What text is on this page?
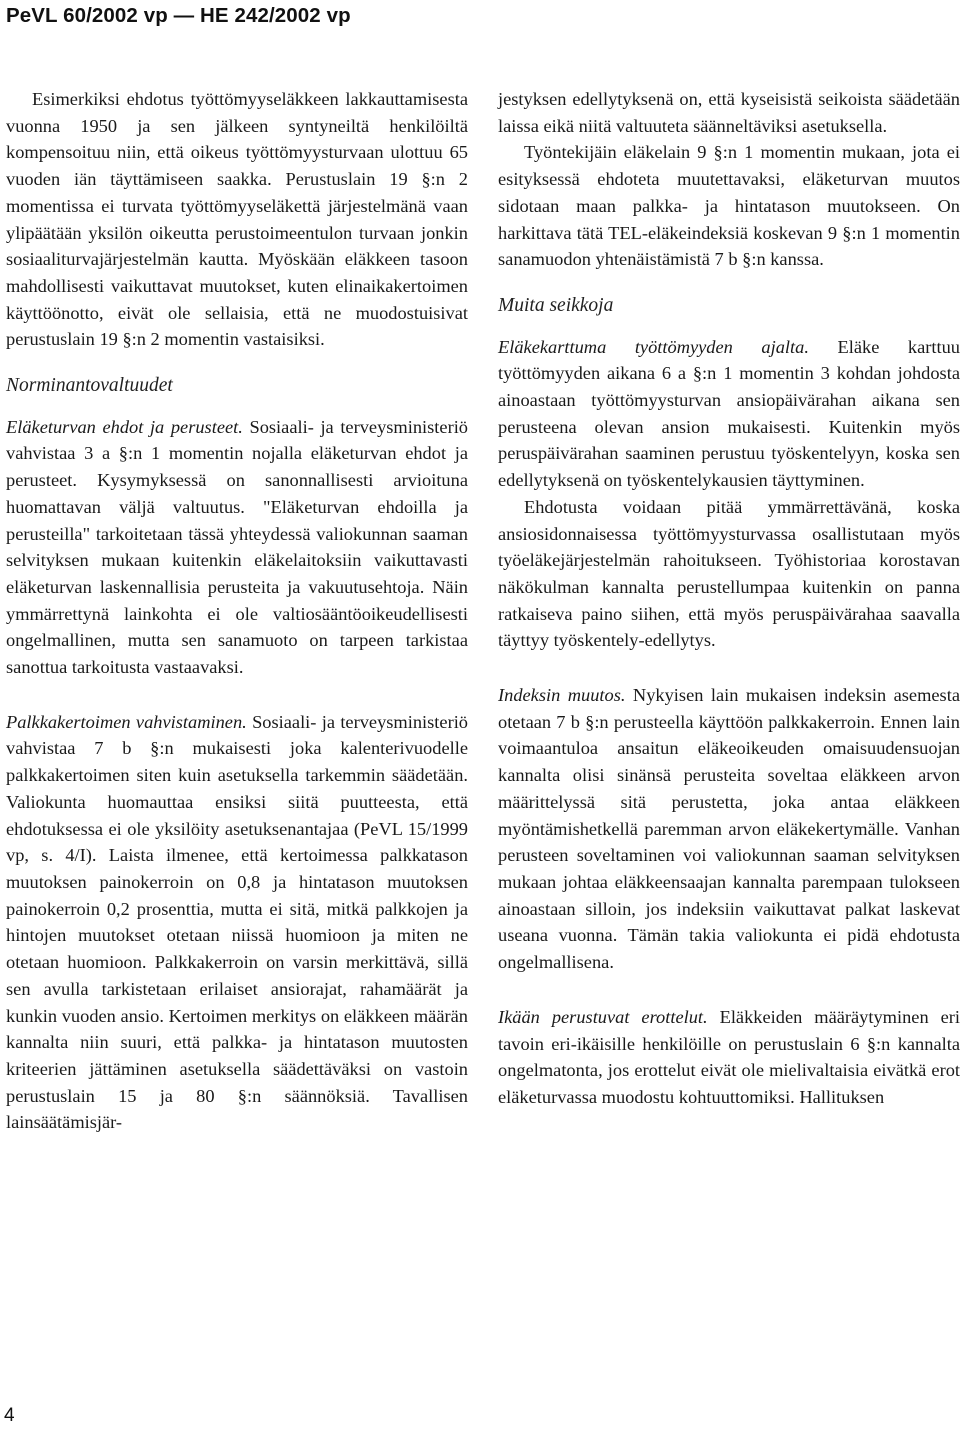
PeVL 60/2002 vp — HE 242/2002 vp

Esimerkiksi ehdotus työttömyyseläkkeen lakkauttamisesta vuonna 1950 ja sen jälkeen syntyneiltä henkilöiltä kompensoituu niin, että oikeus työttömyysturvaan ulottuu 65 vuoden iän täyttämiseen saakka. Perustuslain 19 §:n 2 momentissa ei turvata työttömyyseläkettä järjestelmänä vaan ylipäätään yksilön oikeutta perustoimeentulon turvaan jonkin sosiaaliturvajärjestelmän kautta. Myöskään eläkkeen tasoon mahdollisesti vaikuttavat muutokset, kuten elinaikakertoimen käyttöönotto, eivät ole sellaisia, että ne muodostuisivat perustuslain 19 §:n 2 momentin vastaisiksi.

Norminantovaltuudet

Eläketurvan ehdot ja perusteet. Sosiaali- ja terveysministeriö vahvistaa 3 a §:n 1 momentin nojalla eläketurvan ehdot ja perusteet. Kysymyksessä on sanonnallisesti arvioituna huomattavan väljä valtuutus. "Eläketurvan ehdoilla ja perusteilla" tarkoitetaan tässä yhteydessä valiokunnan saaman selvityksen mukaan kuitenkin eläkelaitoksiin vaikuttavasti eläketurvan laskennallisia perusteita ja vakuutusehtoja. Näin ymmärrettynä lainkohta ei ole valtiosääntöoikeudellisesti ongelmallinen, mutta sen sanamuoto on tarpeen tarkistaa sanottua tarkoitusta vastaavaksi.

Palkkakertoimen vahvistaminen. Sosiaali- ja terveysministeriö vahvistaa 7 b §:n mukaisesti joka kalenterivuodelle palkkakertoimen siten kuin asetuksella tarkemmin säädetään. Valiokunta huomauttaa ensiksi siitä puutteesta, että ehdotuksessa ei ole yksilöity asetuksenantajaa (PeVL 15/1999 vp, s. 4/I). Laista ilmenee, että kertoimessa palkkatason muutoksen painokerroin on 0,8 ja hintatason muutoksen painokerroin 0,2 prosenttia, mutta ei sitä, mitkä palkkojen ja hintojen muutokset otetaan niissä huomioon ja miten ne otetaan huomioon. Palkkakerroin on varsin merkittävä, sillä sen avulla tarkistetaan erilaiset ansiorajat, rahamäärät ja kunkin vuoden ansio. Kertoimen merkitys on eläkkeen määrän kannalta niin suuri, että palkka- ja hintatason muutosten kriteerien jättäminen asetuksella säädettäväksi on vastoin perustuslain 15 ja 80 §:n säännöksiä. Tavallisen lainsäätämisjär-

jestyksen edellytyksenä on, että kyseisistä seikoista säädetään laissa eikä niitä valtuuteta säänneltäviksi asetuksella.

Työntekijäin eläkelain 9 §:n 1 momentin mukaan, jota ei esityksessä ehdoteta muutettavaksi, eläketurvan muutos sidotaan maan palkka- ja hintatason muutokseen. On harkittava tätä TEL-eläkeindeksiä koskevan 9 §:n 1 momentin sanamuodon yhtenäistämistä 7 b §:n kanssa.

Muita seikkoja

Eläkekarttuma työttömyyden ajalta. Eläke karttuu työttömyyden aikana 6 a §:n 1 momentin 3 kohdan johdosta ainoastaan työttömyysturvan ansiopäivärahan aikana sen perusteena olevan ansion mukaisesti. Kuitenkin myös peruspäivärahan saaminen perustuu työskentelyyn, koska sen edellytyksenä on työskentelykausien täyttyminen.

Ehdotusta voidaan pitää ymmärrettävänä, koska ansiosidonnaisessa työttömyysturvassa osallistutaan myös työeläkejärjestelmän rahoitukseen. Työhistoriaa korostavan näkökulman kannalta perustellumpaa kuitenkin on panna ratkaiseva paino siihen, että myös peruspäivärahaa saavalla täyttyy työskentely-edellytys.

Indeksin muutos. Nykyisen lain mukaisen indeksin asemesta otetaan 7 b §:n perusteella käyttöön palkkakerroin. Ennen lain voimaantuloa ansaitun eläkeoikeuden omaisuudensuojan kannalta olisi sinänsä perusteita soveltaa eläkkeen arvon määrittelyssä sitä perustetta, joka antaa eläkkeen myöntämishetkellä paremman arvon eläkekertymälle. Vanhan perusteen soveltaminen voi valiokunnan saaman selvityksen mukaan johtaa eläkkeensaajan kannalta parempaan tulokseen ainoastaan silloin, jos indeksiin vaikuttavat palkat laskevat useana vuonna. Tämän takia valiokunta ei pidä ehdotusta ongelmallisena.

Ikään perustuvat erottelut. Eläkkeiden määräytyminen eri tavoin eri-ikäisille henkilöille on perustuslain 6 §:n kannalta ongelmatonta, jos erottelut eivät ole mielivaltaisia eivätkä erot eläketurvassa muodostu kohtuuttomiksi. Hallituksen

4
